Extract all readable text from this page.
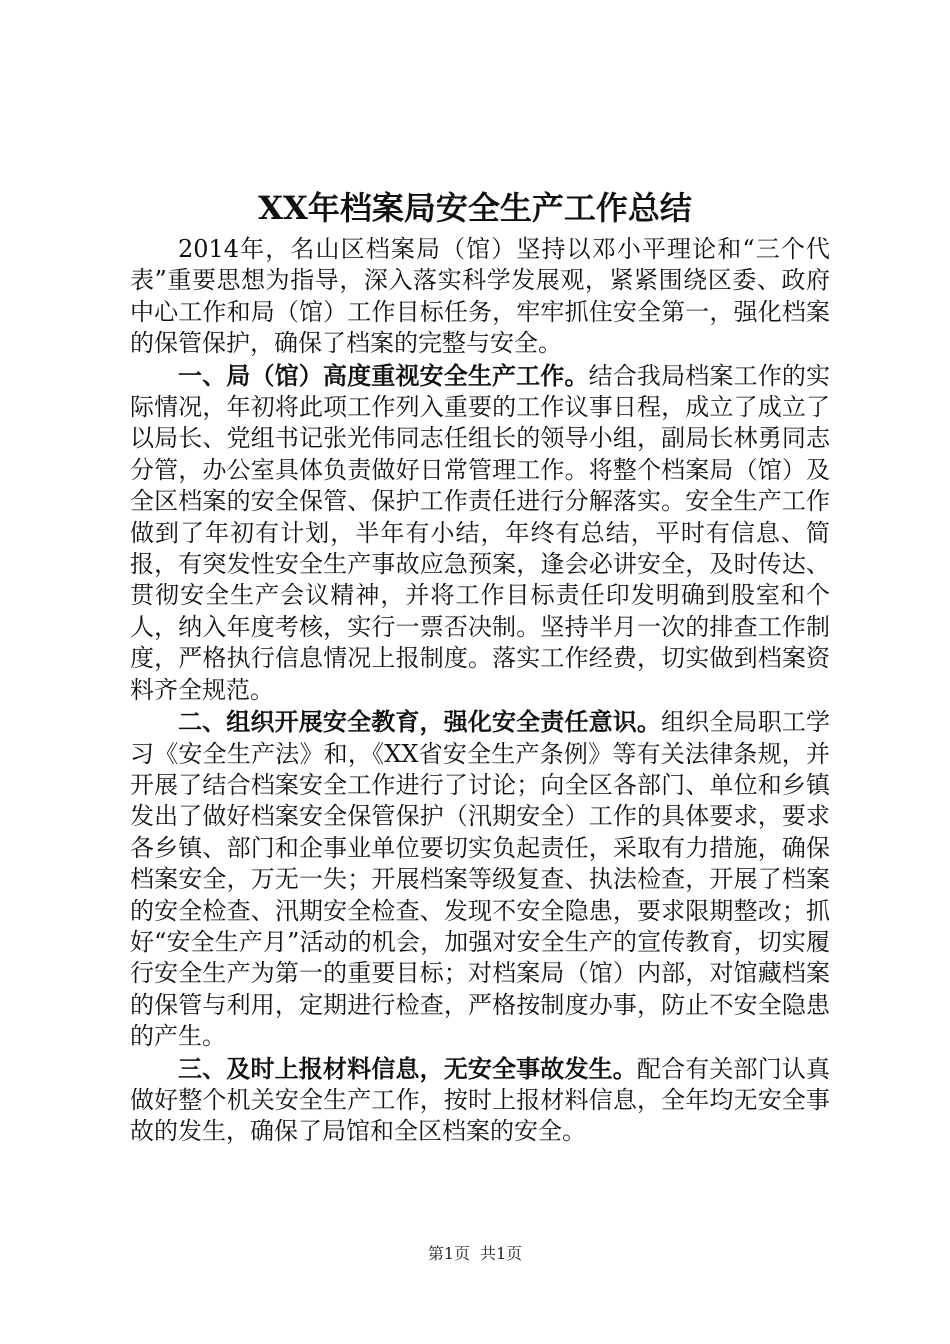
XX年档案局安全生产工作总结

2014年，名山区档案局（馆）坚持以邓小平理论和“三个代表”重要思想为指导，深入落实科学发展观，紧紧围绕区委、政府中心工作和局（馆）工作目标任务，牢牢抓住安全第一，强化档案的保管保护，确保了档案的完整与安全。

一、局（馆）高度重视安全生产工作。结合我局档案工作的实际情况，年初将此项工作列入重要的工作议事日程，成立了成立了以局长、党组书记张光伟同志任组长的领导小组，副局长林勇同志分管，办公室具体负责做好日常管理工作。将整个档案局（馆）及全区档案的安全保管、保护工作责任进行分解落实。安全生产工作做到了年初有计划，半年有小结，年终有总结，平时有信息、简报，有突发性安全生产事故应急预案，逢会必讲安全，及时传达、贯彻安全生产会议精神，并将工作目标责任印发明确到股室和个人，纳入年度考核，实行一票否决制。坚持半月一次的排查工作制度，严格执行信息情况上报制度。落实工作经费，切实做到档案资料齐全规范。

二、组织开展安全教育，强化安全责任意识。组织全局职工学习《安全生产法》和，《XX省安全生产条例》等有关法律条规，并开展了结合档案安全工作进行了讨论；向全区各部门、单位和乡镇发出了做好档案安全保管保护（汛期安全）工作的具体要求，要求各乡镇、部门和企事业单位要切实负起责任，采取有力措施，确保档案安全，万无一失；开展档案等级复查、执法检查，开展了档案的安全检查、汛期安全检查、发现不安全隐患，要求限期整改；抓好“安全生产月”活动的机会，加强对安全生产的宣传教育，切实履行安全生产为第一的重要目标；对档案局（馆）内部，对馆藏档案的保管与利用，定期进行检查，严格按制度办事，防止不安全隐患的产生。

三、及时上报材料信息，无安全事故发生。配合有关部门认真做好整个机关安全生产工作，按时上报材料信息，全年均无安全事故的发生，确保了局馆和全区档案的安全。

第1页 共1页
